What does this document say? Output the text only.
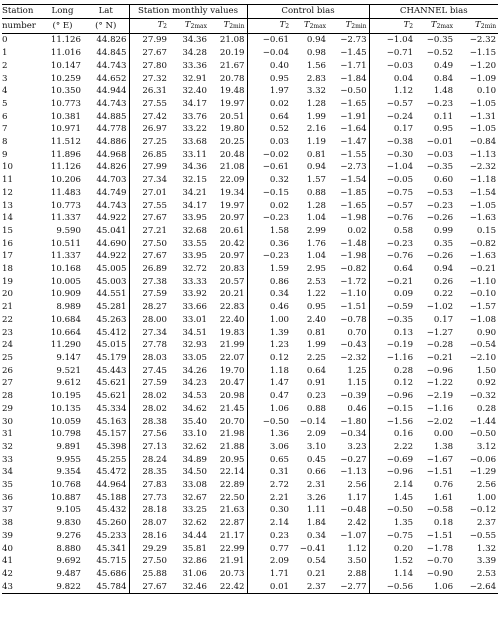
Station	Long	Lat	Station monthly values			Control bias			CHANNEL bias		
number	(° E)	(° N)	T2	T2max	T2min	T2	T2max	T2min	T2	T2max	T2min
0	11.126	44.826	27.99	34.36	21.08	−0.61	0.94	−2.73	−1.04	−0.35	−2.32
1	11.016	44.845	27.67	34.28	20.19	−0.04	0.98	−1.45	−0.71	−0.52	−1.15
2	10.147	44.743	27.80	33.36	21.67	0.40	1.56	−1.71	−0.03	0.49	−1.20
3	10.259	44.652	27.32	32.91	20.78	0.95	2.83	−1.84	0.04	0.84	−1.09
4	10.350	44.944	26.31	32.40	19.48	1.97	3.32	−0.50	1.12	1.48	0.10
5	10.773	44.743	27.55	34.17	19.97	0.02	1.28	−1.65	−0.57	−0.23	−1.05
6	10.381	44.885	27.42	33.76	20.51	0.64	1.99	−1.91	−0.24	0.11	−1.31
7	10.971	44.778	26.97	33.22	19.80	0.52	2.16	−1.64	0.17	0.95	−1.05
8	11.512	44.886	27.25	33.68	20.25	0.03	1.19	−1.47	−0.38	−0.01	−0.84
9	11.896	44.968	26.85	33.11	20.48	−0.02	0.81	−1.55	−0.30	−0.03	−1.13
10	11.126	44.826	27.99	34.36	21.08	−0.61	0.94	−2.73	−1.04	−0.35	−2.32
11	10.206	44.703	27.34	32.15	22.09	0.32	1.57	−1.54	−0.05	0.60	−1.18
12	11.483	44.749	27.01	34.21	19.34	−0.15	0.88	−1.85	−0.75	−0.53	−1.54
13	10.773	44.743	27.55	34.17	19.97	0.02	1.28	−1.65	−0.57	−0.23	−1.05
14	11.337	44.922	27.67	33.95	20.97	−0.23	1.04	−1.98	−0.76	−0.26	−1.63
15	9.590	45.041	27.21	32.68	20.61	1.58	2.99	0.02	0.58	0.99	0.15
16	10.511	44.690	27.50	33.55	20.42	0.36	1.76	−1.48	−0.23	0.35	−0.82
17	11.337	44.922	27.67	33.95	20.97	−0.23	1.04	−1.98	−0.76	−0.26	−1.63
18	10.168	45.005	26.89	32.72	20.83	1.59	2.95	−0.82	0.64	0.94	−0.21
19	10.005	45.003	27.38	33.33	20.57	0.86	2.53	−1.72	−0.21	0.26	−1.10
20	10.909	44.551	27.59	33.92	20.21	0.34	1.22	−1.10	0.09	0.22	−0.10
21	8.989	45.281	28.27	33.66	22.83	0.46	0.95	−1.51	−0.59	−1.02	−1.57
22	10.684	45.263	28.00	33.01	22.40	1.00	2.40	−0.78	−0.35	0.17	−1.08
23	10.664	45.412	27.34	34.51	19.83	1.39	0.81	0.70	0.13	−1.27	0.90
24	11.290	45.015	27.78	32.93	21.99	1.23	1.99	−0.43	−0.19	−0.28	−0.54
25	9.147	45.179	28.03	33.05	22.07	0.12	2.25	−2.32	−1.16	−0.21	−2.10
26	9.521	45.443	27.45	34.26	19.70	1.18	0.64	1.25	0.28	−0.96	1.50
27	9.612	45.621	27.59	34.23	20.47	1.47	0.91	1.15	0.12	−1.22	0.92
28	10.195	45.621	28.02	34.53	20.98	0.47	0.23	−0.39	−0.96	−2.19	−0.32
29	10.135	45.334	28.02	34.62	21.45	1.06	0.88	0.46	−0.15	−1.16	0.28
30	10.059	45.163	28.38	35.40	20.70	−0.50	−0.14	−1.80	−1.56	−2.02	−1.44
31	10.798	45.157	27.56	33.10	21.98	1.36	2.09	−0.34	0.16	0.00	−0.50
32	9.891	45.398	27.13	32.62	21.88	3.06	3.10	3.23	2.22	1.38	3.12
33	9.955	45.255	28.24	34.89	20.95	0.65	0.45	−0.27	−0.69	−1.67	−0.06
34	9.354	45.472	28.35	34.50	22.14	0.31	0.66	−1.13	−0.96	−1.51	−1.29
35	10.768	44.964	27.83	33.08	22.89	2.72	2.31	2.56	2.14	0.76	2.56
36	10.887	45.188	27.73	32.67	22.50	2.21	3.26	1.17	1.45	1.61	1.00
37	9.105	45.432	28.18	33.25	21.63	0.30	1.11	−0.48	−0.50	−0.58	−0.12
38	9.830	45.260	28.07	32.62	22.87	2.14	1.84	2.42	1.35	0.18	2.37
39	9.276	45.233	28.16	34.44	21.17	0.23	0.34	−1.07	−0.75	−1.51	−0.55
40	8.880	45.341	29.29	35.81	22.99	0.77	−0.41	1.12	0.20	−1.78	1.32
41	9.692	45.715	27.50	32.86	21.91	2.09	0.54	3.50	1.52	−0.70	3.39
42	9.487	45.686	25.88	31.06	20.73	1.71	0.21	2.88	1.14	−0.90	2.53
43	9.822	45.784	27.67	32.46	22.42	0.01	2.37	−2.77	−0.56	1.06	−2.64
